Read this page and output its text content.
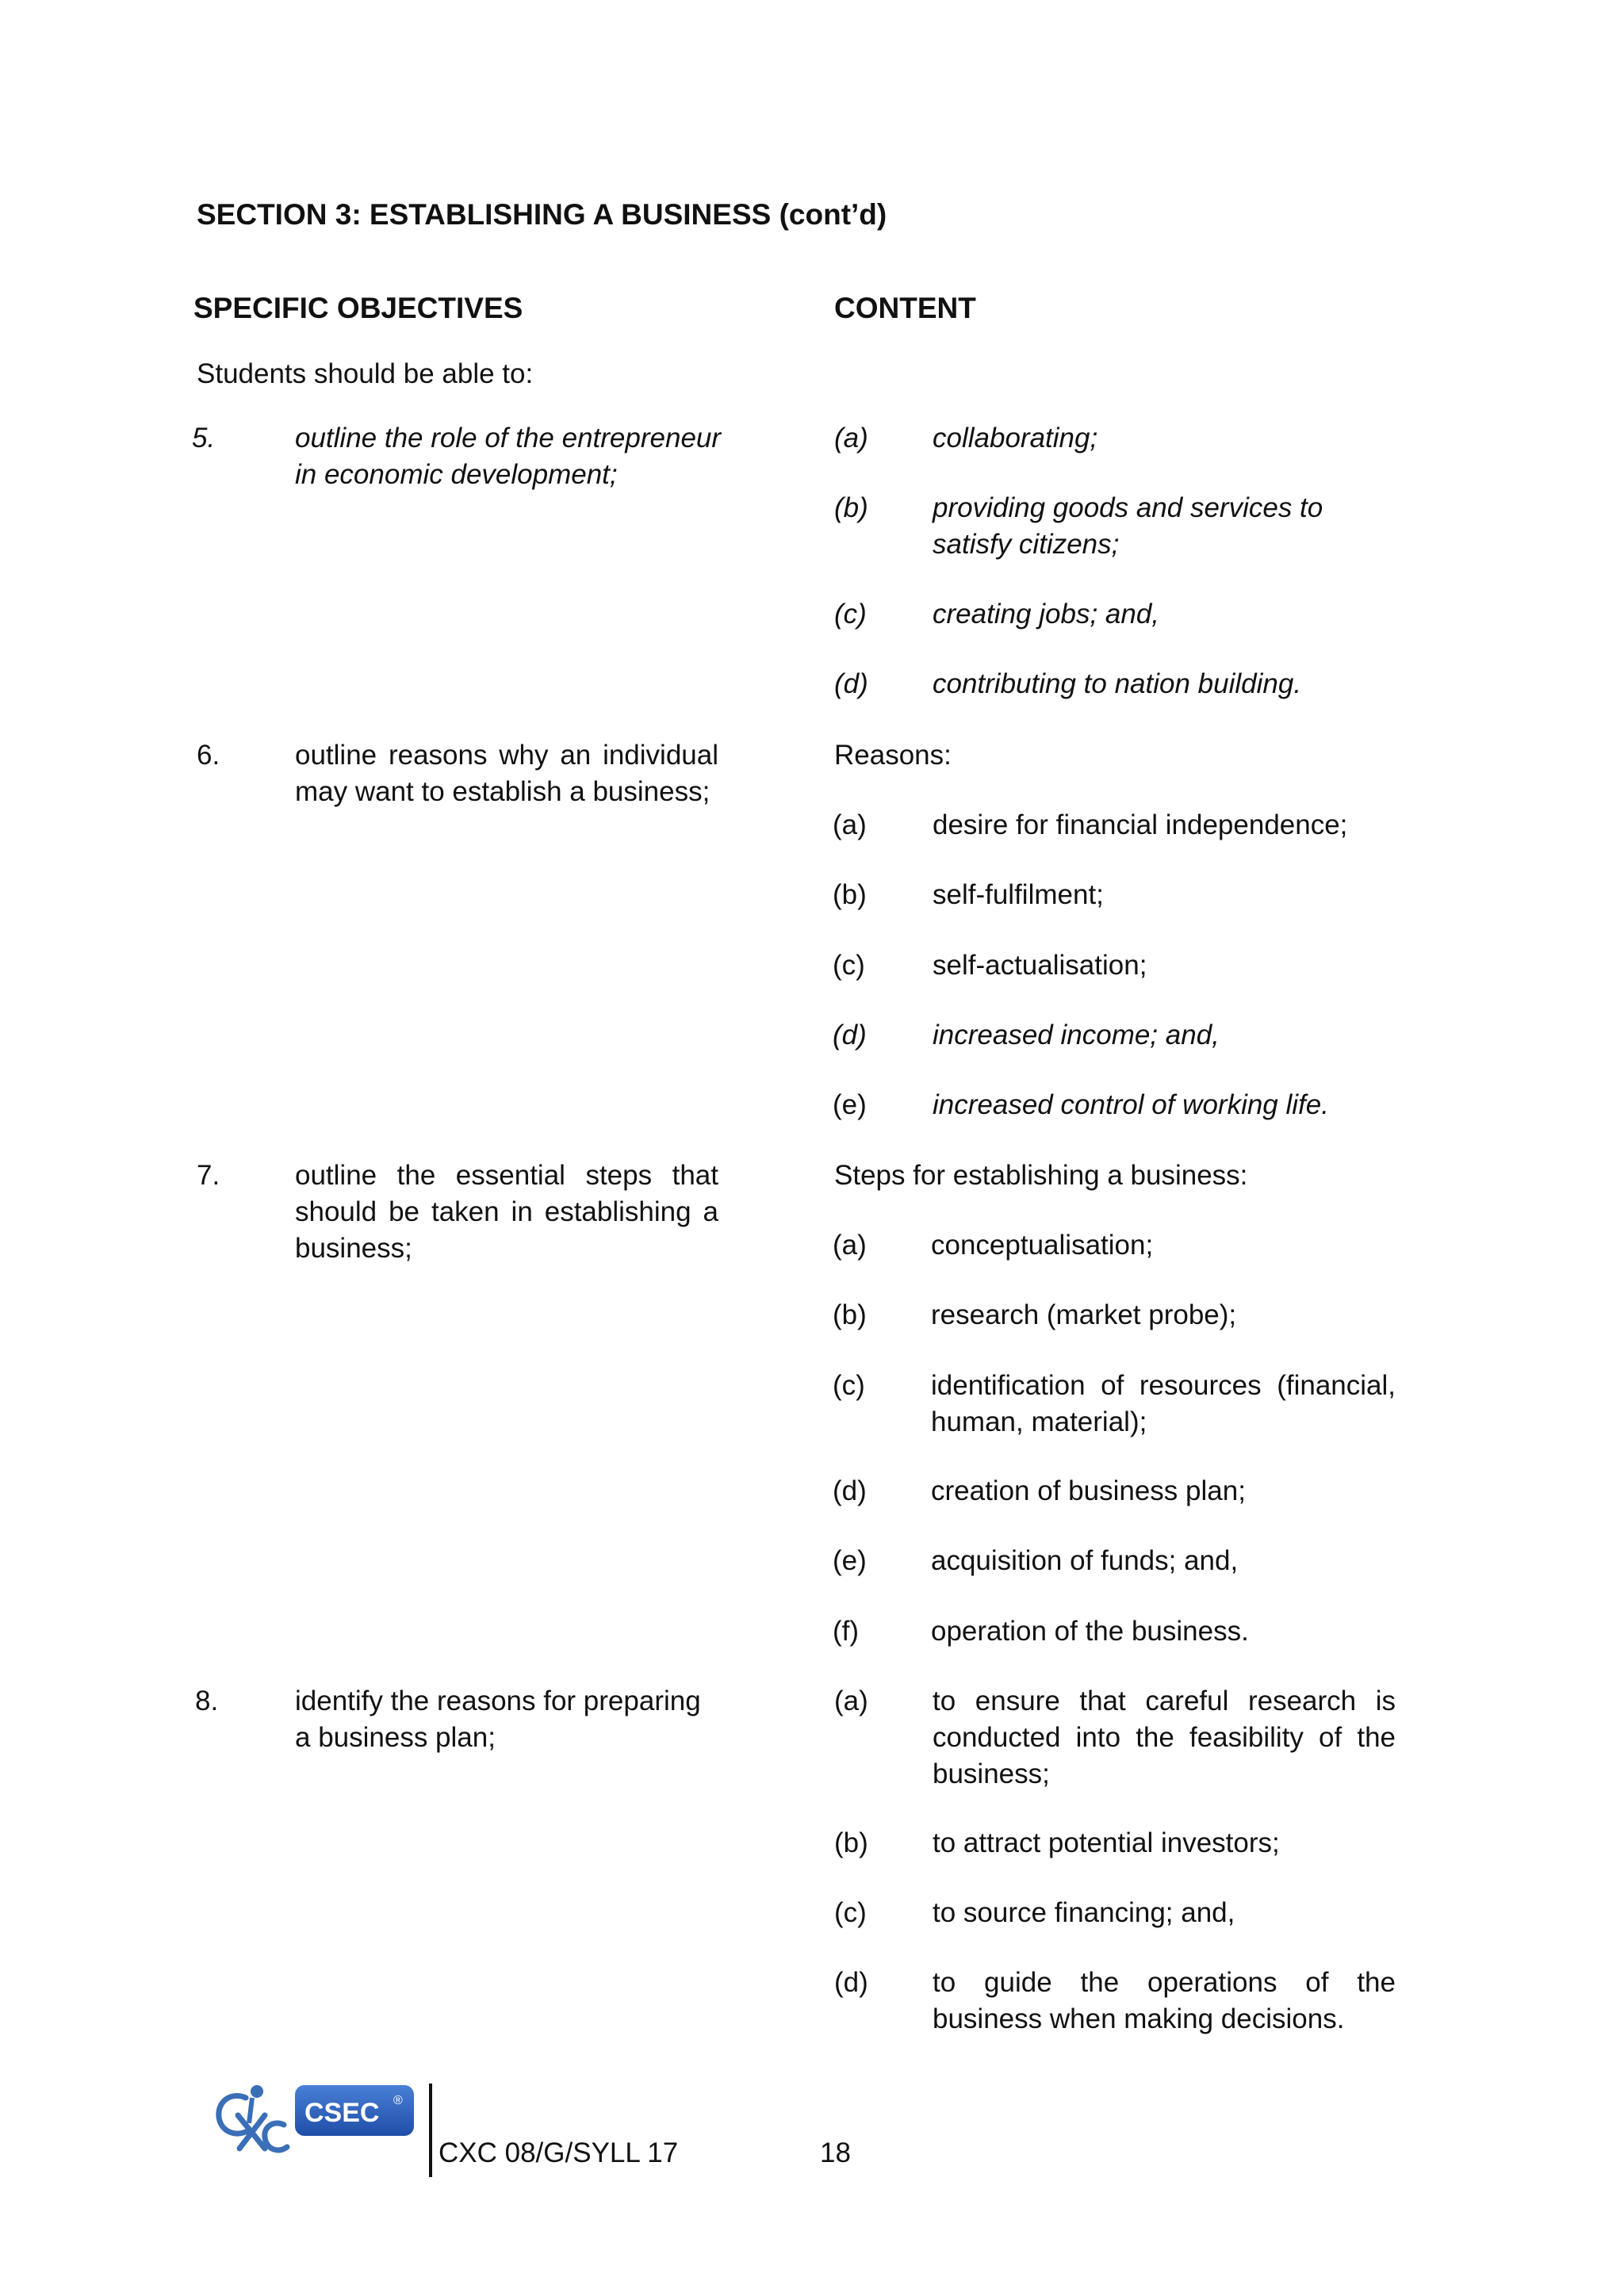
SECTION 3: ESTABLISHING A BUSINESS (cont’d)
SPECIFIC OBJECTIVES	CONTENT
Students should be able to:
5.	outline the role of the entrepreneur in economic development;
(a)	collaborating;
(b)	providing goods and services to satisfy citizens;
(c)	creating jobs; and,
(d)	contributing to nation building.
6.	outline reasons why an individual may want to establish a business;
Reasons:
(a)	desire for financial independence;
(b)	self-fulfilment;
(c)	self-actualisation;
(d)	increased income; and,
(e)	increased control of working life.
7.	outline the essential steps that should be taken in establishing a business;
Steps for establishing a business:
(a)	conceptualisation;
(b)	research (market probe);
(c)	identification of resources (financial, human, material);
(d)	creation of business plan;
(e)	acquisition of funds; and,
(f)	operation of the business.
8.	identify the reasons for preparing a business plan;
(a)	to ensure that careful research is conducted into the feasibility of the business;
(b)	to attract potential investors;
(c)	to source financing; and,
(d)	to guide the operations of the business when making decisions.
CSEC ®
CXC 08/G/SYLL 17	18
